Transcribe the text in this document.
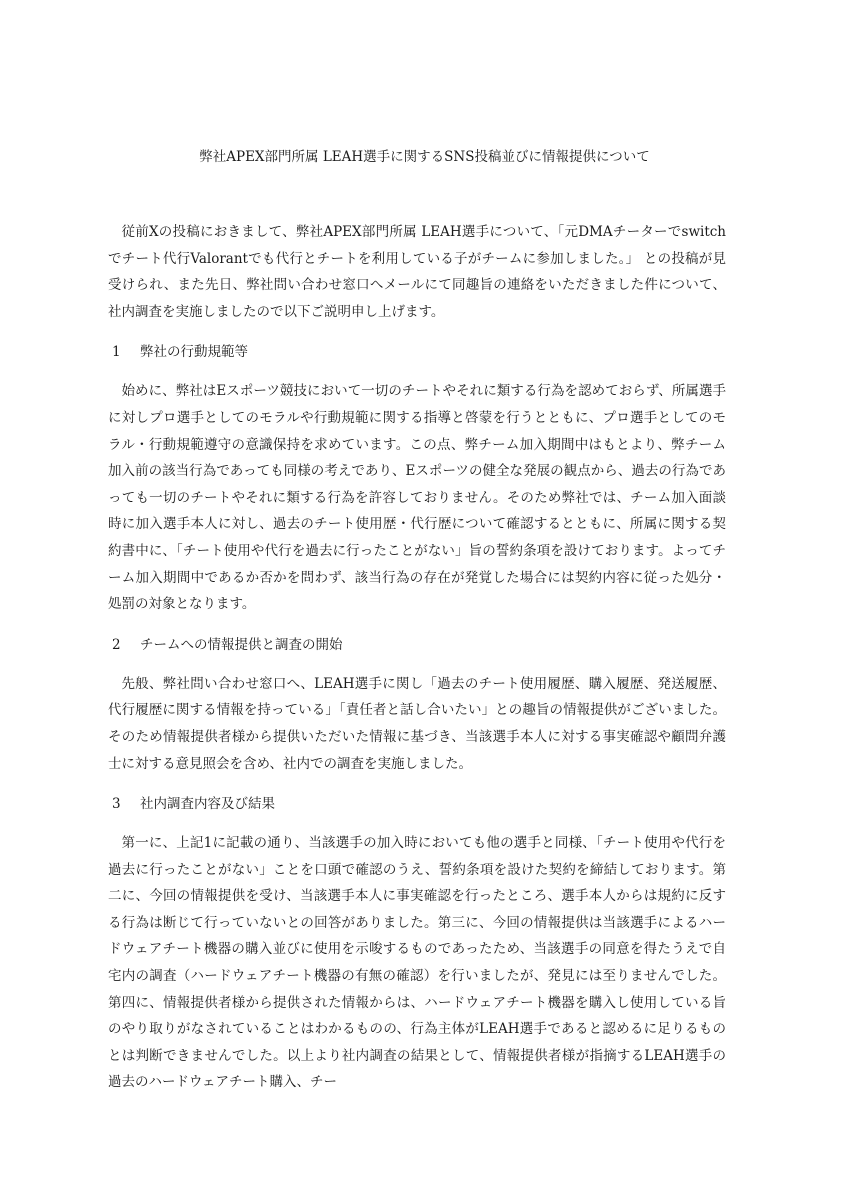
弊社APEX部門所属 LEAH選手に関するSNS投稿並びに情報提供について

従前Xの投稿におきまして、弊社APEX部門所属 LEAH選手について、「元DMAチーターでswitchでチート代行Valorantでも代行とチートを利用している子がチームに参加しました。」 との投稿が見受けられ、また先日、弊社問い合わせ窓口へメールにて同趣旨の連絡をいただきました件について、社内調査を実施しましたので以下ご説明申し上げます。

1 弊社の行動規範等

始めに、弊社はEスポーツ競技において一切のチートやそれに類する行為を認めておらず、所属選手に対しプロ選手としてのモラルや行動規範に関する指導と啓蒙を行うとともに、プロ選手としてのモラル・行動規範遵守の意識保持を求めています。この点、弊チーム加入期間中はもとより、弊チーム加入前の該当行為であっても同様の考えであり、Eスポーツの健全な発展の観点から、過去の行為であっても一切のチートやそれに類する行為を許容しておりません。そのため弊社では、チーム加入面談時に加入選手本人に対し、過去のチート使用歴・代行歴について確認するとともに、所属に関する契約書中に、「チート使用や代行を過去に行ったことがない」旨の誓約条項を設けております。よってチーム加入期間中であるか否かを問わず、該当行為の存在が発覚した場合には契約内容に従った処分・処罰の対象となります。

2 チームへの情報提供と調査の開始

先般、弊社問い合わせ窓口へ、LEAH選手に関し「過去のチート使用履歴、購入履歴、発送履歴、代行履歴に関する情報を持っている」「責任者と話し合いたい」との趣旨の情報提供がございました。そのため情報提供者様から提供いただいた情報に基づき、当該選手本人に対する事実確認や顧問弁護士に対する意見照会を含め、社内での調査を実施しました。

3 社内調査内容及び結果

第一に、上記1に記載の通り、当該選手の加入時においても他の選手と同様、「チート使用や代行を過去に行ったことがない」ことを口頭で確認のうえ、誓約条項を設けた契約を締結しております。第二に、今回の情報提供を受け、当該選手本人に事実確認を行ったところ、選手本人からは規約に反する行為は断じて行っていないとの回答がありました。第三に、今回の情報提供は当該選手によるハードウェアチート機器の購入並びに使用を示唆するものであったため、当該選手の同意を得たうえで自宅内の調査（ハードウェアチート機器の有無の確認）を行いましたが、発見には至りませんでした。第四に、情報提供者様から提供された情報からは、ハードウェアチート機器を購入し使用している旨のやり取りがなされていることはわかるものの、行為主体がLEAH選手であると認めるに足りるものとは判断できませんでした。以上より社内調査の結果として、情報提供者様が指摘するLEAH選手の過去のハードウェアチート購入、チー
